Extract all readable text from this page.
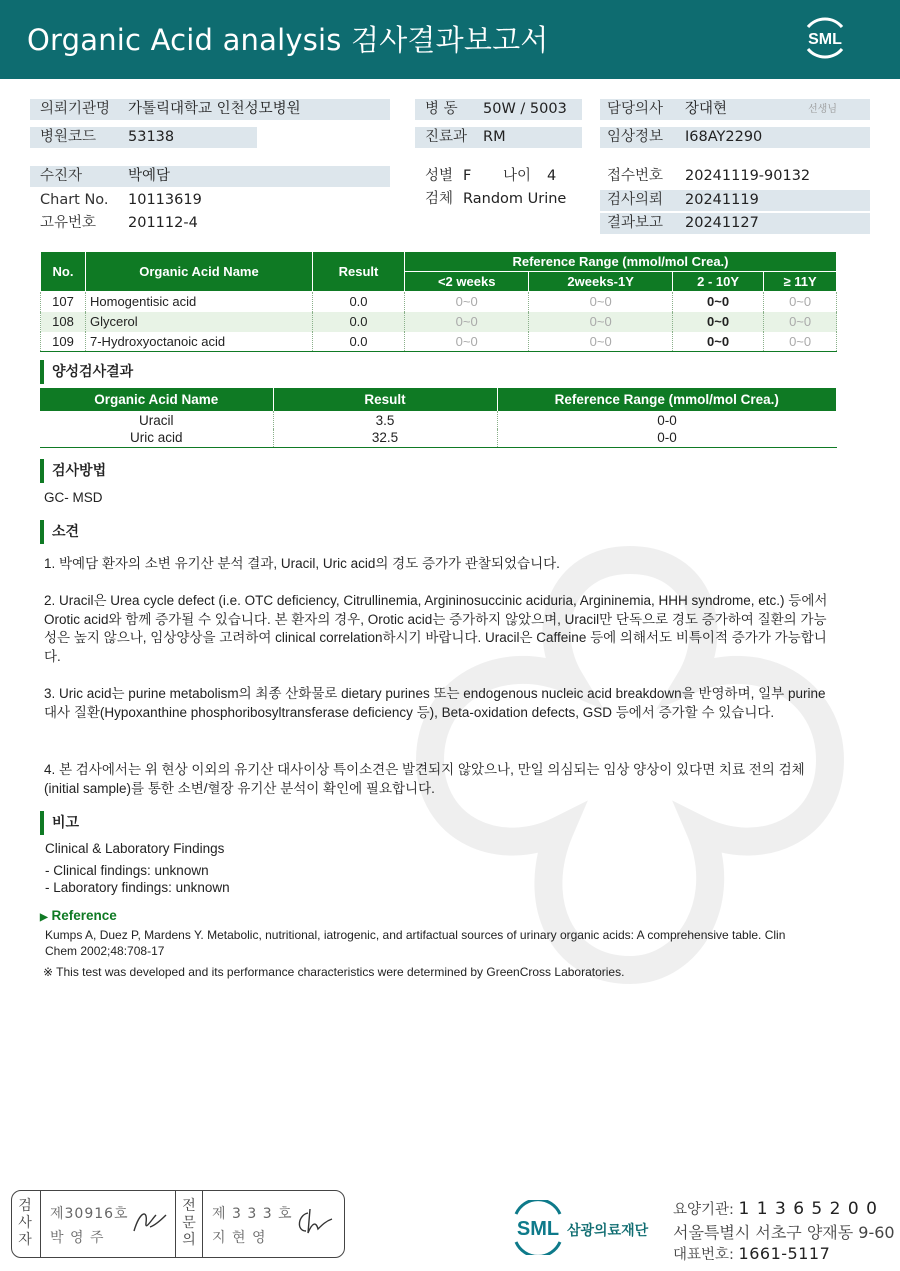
Organic Acid analysis 검사결과보고서	SML
의뢰기관명 가톨릭대학교 인천성모병원
병원코드 53138
병 동 50W / 5003
진료과 RM
담당의사 장대현	선생님
임상정보 I68AY2290
수진자	박예담
Chart No. 10113619
고유번호 201112-4
성별 F 나이 4
검체 Random Urine
접수번호 20241119-90132
검사의뢰 20241119
결과보고 20241127
No.	Organic Acid Name	Result	Reference Range (mmol/mol Crea.)			
			<2 weeks	2weeks-1Y	2 - 10Y	≥ 11Y
107	Homogentisic acid	0.0	0~0	0~0	0~0	0~0
108	Glycerol	0.0	0~0	0~0	0~0	0~0
109	7-Hydroxyoctanoic acid	0.0	0~0	0~0	0~0	0~0
양성검사결과
Organic Acid Name	Result	Reference Range (mmol/mol Crea.)
Uracil	3.5	0-0
Uric acid	32.5	0-0
검사방법
GC- MSD
소견
1. 박예담 환자의 소변 유기산 분석 결과, Uracil, Uric acid의 경도 증가가 관찰되었습니다.
2. Uracil은 Urea cycle defect (i.e. OTC deficiency, Citrullinemia, Argininosuccinic aciduria, Argininemia, HHH syndrome, etc.) 등에서 Orotic acid와 함께 증가될 수 있습니다. 본 환자의 경우, Orotic acid는 증가하지 않았으며, Uracil만 단독으로 경도 증가하여 질환의 가능성은 높지 않으나, 임상양상을 고려하여 clinical correlation하시기 바랍니다. Uracil은 Caffeine 등에 의해서도 비특이적 증가가 가능합니다.
3. Uric acid는 purine metabolism의 최종 산화물로 dietary purines 또는 endogenous nucleic acid breakdown을 반영하며, 일부 purine 대사 질환(Hypoxanthine phosphoribosyltransferase deficiency 등), Beta-oxidation defects, GSD 등에서 증가할 수 있습니다.
4. 본 검사에서는 위 현상 이외의 유기산 대사이상 특이소견은 발견되지 않았으나, 만일 의심되는 임상 양상이 있다면 치료 전의 검체 (initial sample)를 통한 소변/혈장 유기산 분석이 확인에 필요합니다.
비고
Clinical & Laboratory Findings
- Clinical findings: unknown
- Laboratory findings: unknown
▶ Reference
Kumps A, Duez P, Mardens Y. Metabolic, nutritional, iatrogenic, and artifactual sources of urinary organic acids: A comprehensive table. Clin Chem 2002;48:708-17
※ This test was developed and its performance characteristics were determined by GreenCross Laboratories.
검
사
자
제30916호
박 영 주
전
문
의
제 3 3 3 호
지 현 영	SML 삼광의료재단
요양기관: 1 1 3 6 5 2 0 0
서울특별시 서초구 양재동 9-60
대표번호: 1661-5117
